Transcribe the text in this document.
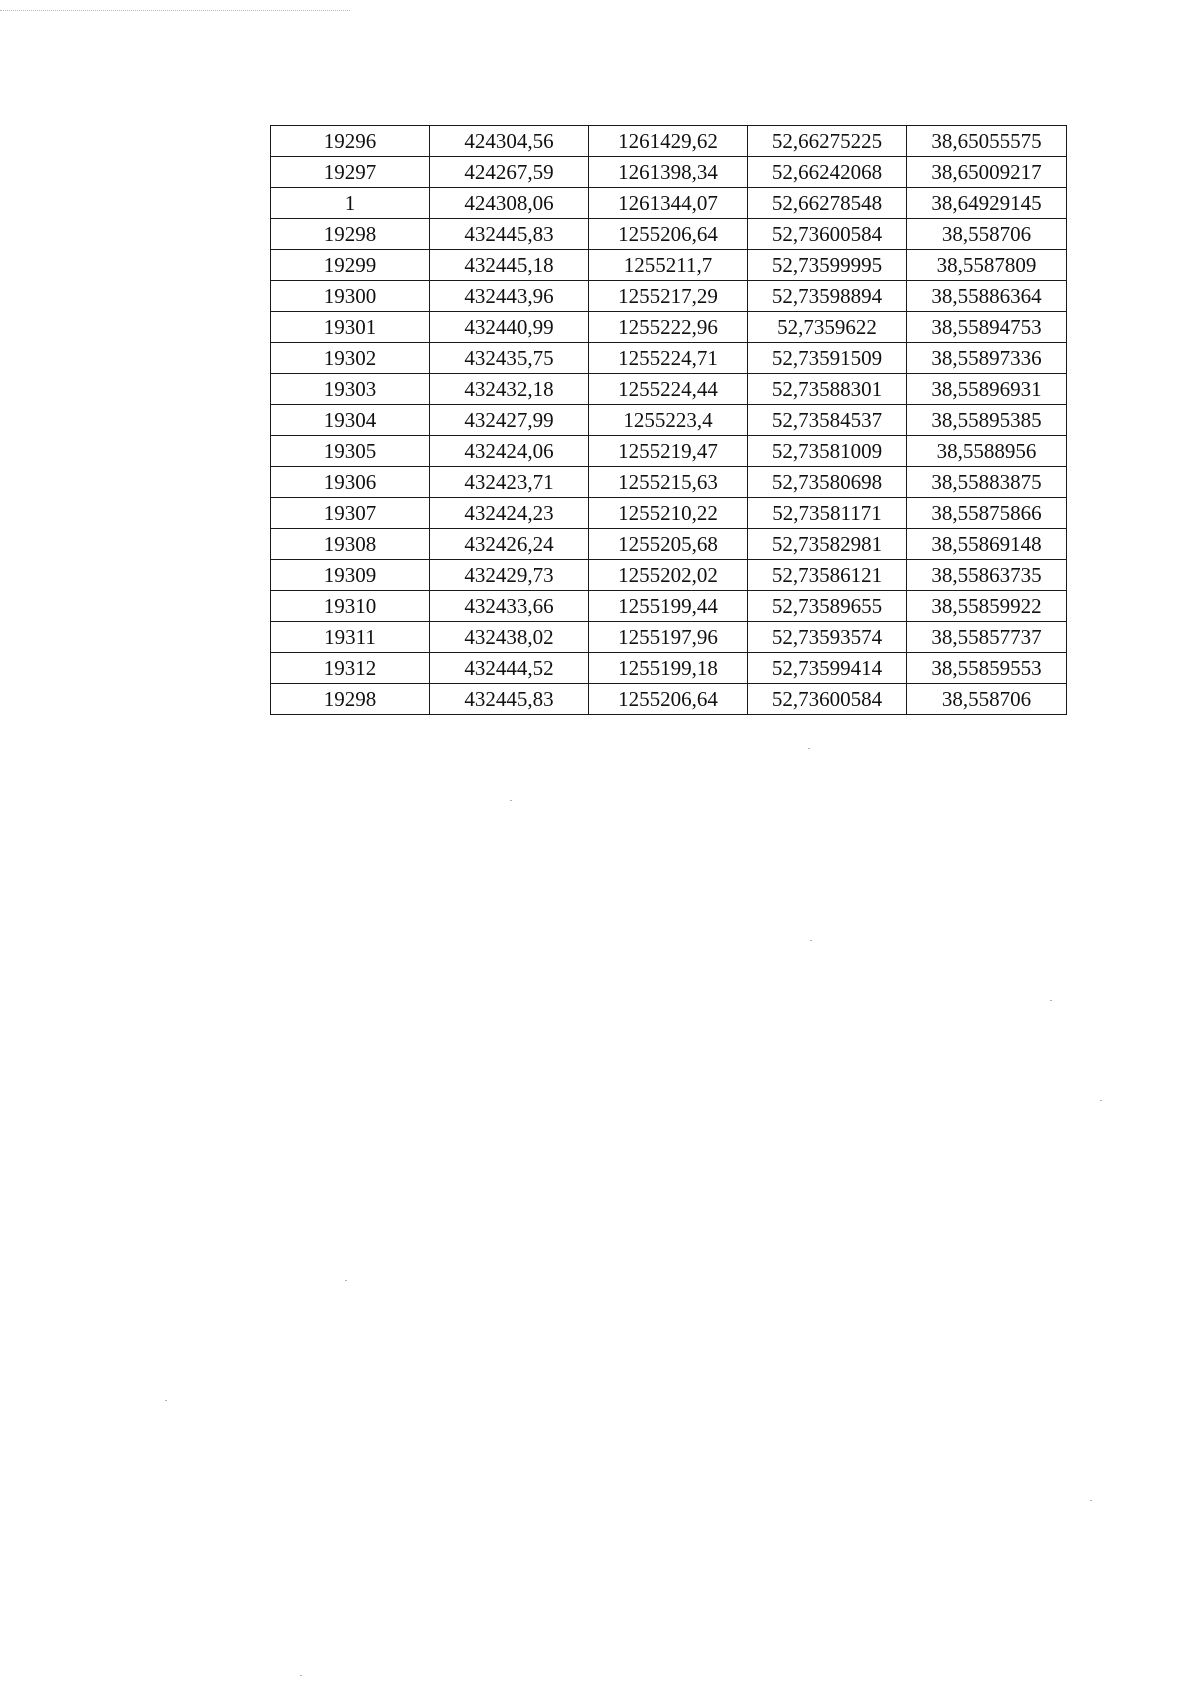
19296	424304,56	1261429,62	52,66275225	38,65055575
19297	424267,59	1261398,34	52,66242068	38,65009217
1	424308,06	1261344,07	52,66278548	38,64929145
19298	432445,83	1255206,64	52,73600584	38,558706
19299	432445,18	1255211,7	52,73599995	38,5587809
19300	432443,96	1255217,29	52,73598894	38,55886364
19301	432440,99	1255222,96	52,7359622	38,55894753
19302	432435,75	1255224,71	52,73591509	38,55897336
19303	432432,18	1255224,44	52,73588301	38,55896931
19304	432427,99	1255223,4	52,73584537	38,55895385
19305	432424,06	1255219,47	52,73581009	38,5588956
19306	432423,71	1255215,63	52,73580698	38,55883875
19307	432424,23	1255210,22	52,73581171	38,55875866
19308	432426,24	1255205,68	52,73582981	38,55869148
19309	432429,73	1255202,02	52,73586121	38,55863735
19310	432433,66	1255199,44	52,73589655	38,55859922
19311	432438,02	1255197,96	52,73593574	38,55857737
19312	432444,52	1255199,18	52,73599414	38,55859553
19298	432445,83	1255206,64	52,73600584	38,558706
